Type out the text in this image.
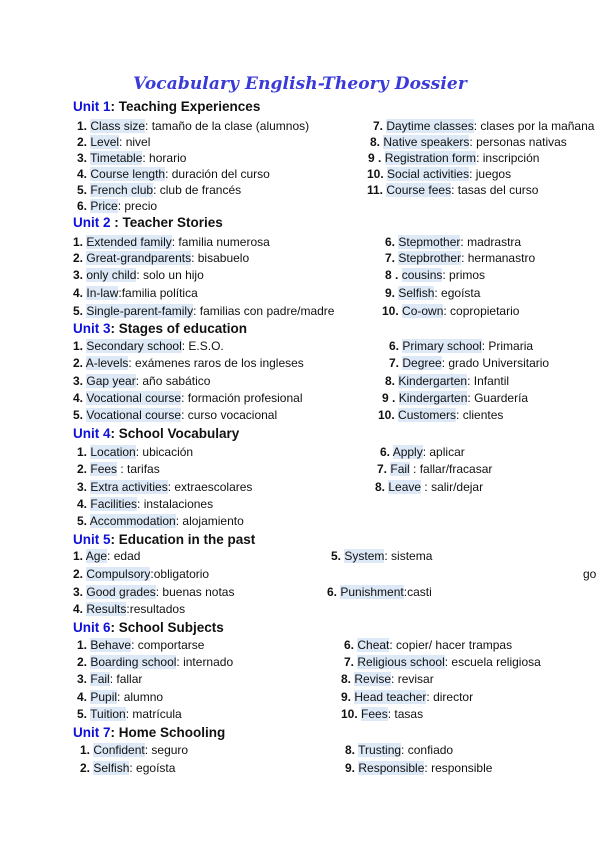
Vocabulary English-Theory Dossier
Unit 1: Teaching Experiences
Unit 2 : Teacher Stories
Unit 3: Stages of education
Unit 4: School Vocabulary
Unit 5: Education in the past
Unit 6: School Subjects
Unit 7: Home Schooling
1. Class size: tamaño de la clase (alumnos)
2. Level: nivel
3. Timetable: horario
4. Course length: duración del curso
5. French club: club de francés
6. Price: precio
7. Daytime classes: clases por la mañana
8. Native speakers: personas nativas
9 . Registration form: inscripción
10. Social activities: juegos
11. Course fees: tasas del curso
1. Extended family: familia numerosa
2. Great-grandparents: bisabuelo
3. only child: solo un hijo
4. In-law:familia política
5. Single-parent-family: familias con padre/madre
6. Stepmother: madrastra
7. Stepbrother: hermanastro
8 . cousins: primos
9. Selfish: egoísta
10. Co-own: copropietario
1. Secondary school: E.S.O.
2. A-levels: exámenes raros de los ingleses
3. Gap year: año sabático
4. Vocational course: formación profesional
5. Vocational course: curso vocacional
6. Primary school: Primaria
7. Degree: grado Universitario
8. Kindergarten: Infantil
9 . Kindergarten: Guardería
10. Customers: clientes
1. Location: ubicación
2. Fees : tarifas
3. Extra activities: extraescolares
4. Facilities: instalaciones
5. Accommodation: alojamiento
6. Apply: aplicar
7. Fail : fallar/fracasar
8. Leave : salir/dejar
1. Age: edad
2. Compulsory:obligatorio
3. Good grades: buenas notas
4. Results:resultados
5. System: sistema
go
6. Punishment:casti
1. Behave: comportarse
2. Boarding school: internado
3. Fail: fallar
4. Pupil: alumno
5. Tuition: matrícula
6. Cheat: copier/ hacer trampas
7. Religious school: escuela religiosa
8. Revise: revisar
9. Head teacher: director
10. Fees: tasas
1. Confident: seguro
2. Selfish: egoísta
8. Trusting: confiado
9. Responsible: responsible
